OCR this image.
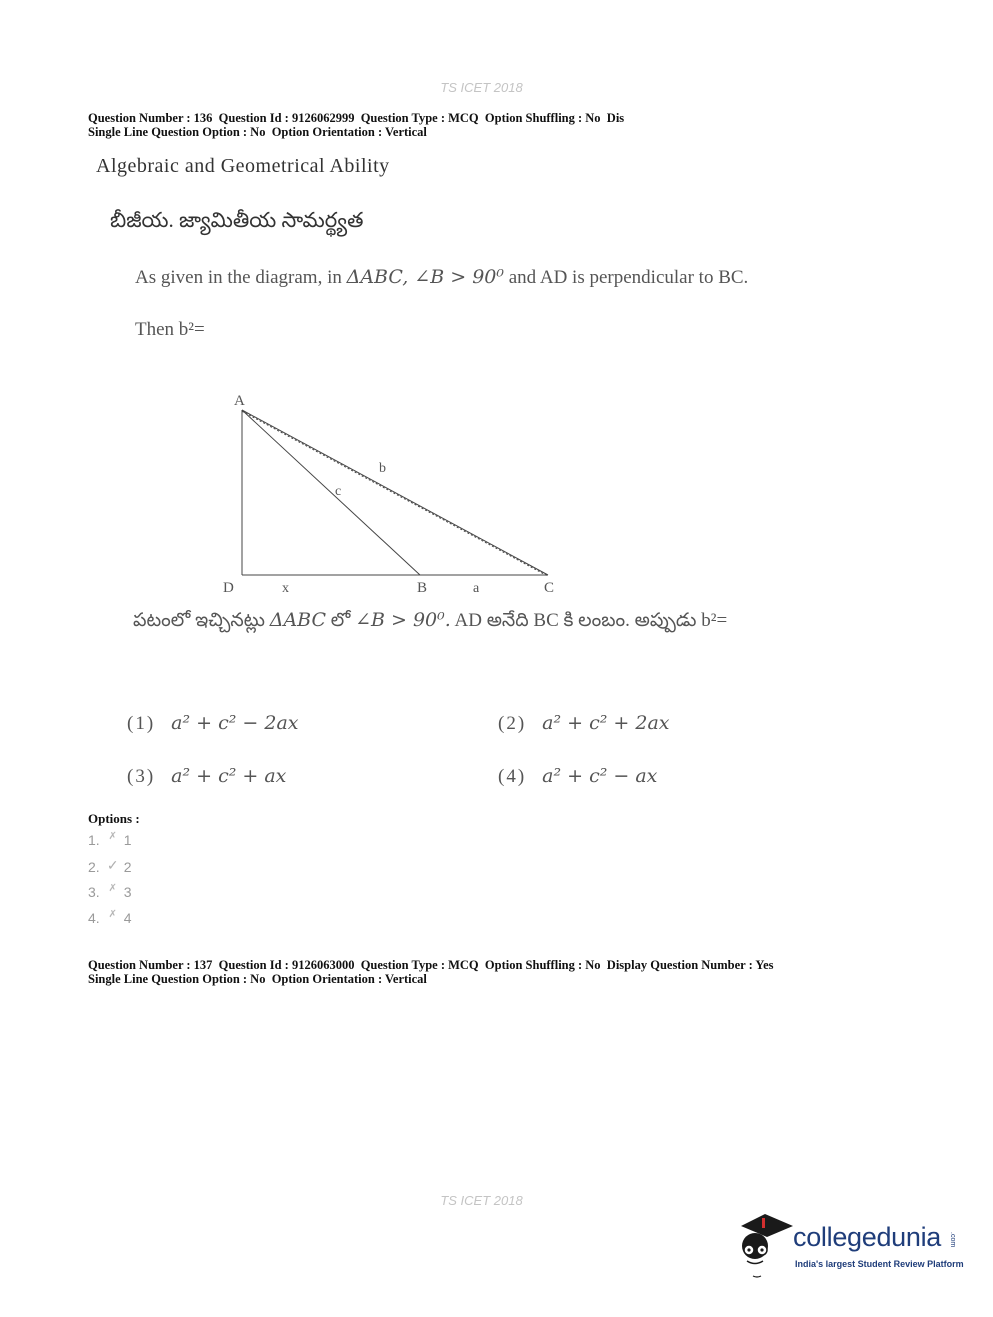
TS ICET 2018
Question Number : 136  Question Id : 9126062999  Question Type : MCQ  Option Shuffling : No  Dis
Single Line Question Option : No  Option Orientation : Vertical
Algebraic and Geometrical Ability
బీజీయ. జ్యామితీయ సామర్థ్యత
As given in the diagram, in ΔABC, ∠B > 90⁰ and AD is perpendicular to BC.
Then b²=
A
D	B	C
x	a
b
c
పటంలో ఇచ్చినట్లు ΔABC లో ∠B > 90⁰. AD అనేది BC కి లంబం. అప్పుడు b²=
(1) a² + c² − 2ax	(2) a² + c² + 2ax
(3) a² + c² + ax	(4) a² + c² − ax
Options :
1. ✗ 1
2. ✓ 2
3. ✗ 3
4. ✗ 4
Question Number : 137  Question Id : 9126063000  Question Type : MCQ  Option Shuffling : No  Display Question Number : Yes
Single Line Question Option : No  Option Orientation : Vertical
TS ICET 2018
collegedunia .com
India's largest Student Review Platform
